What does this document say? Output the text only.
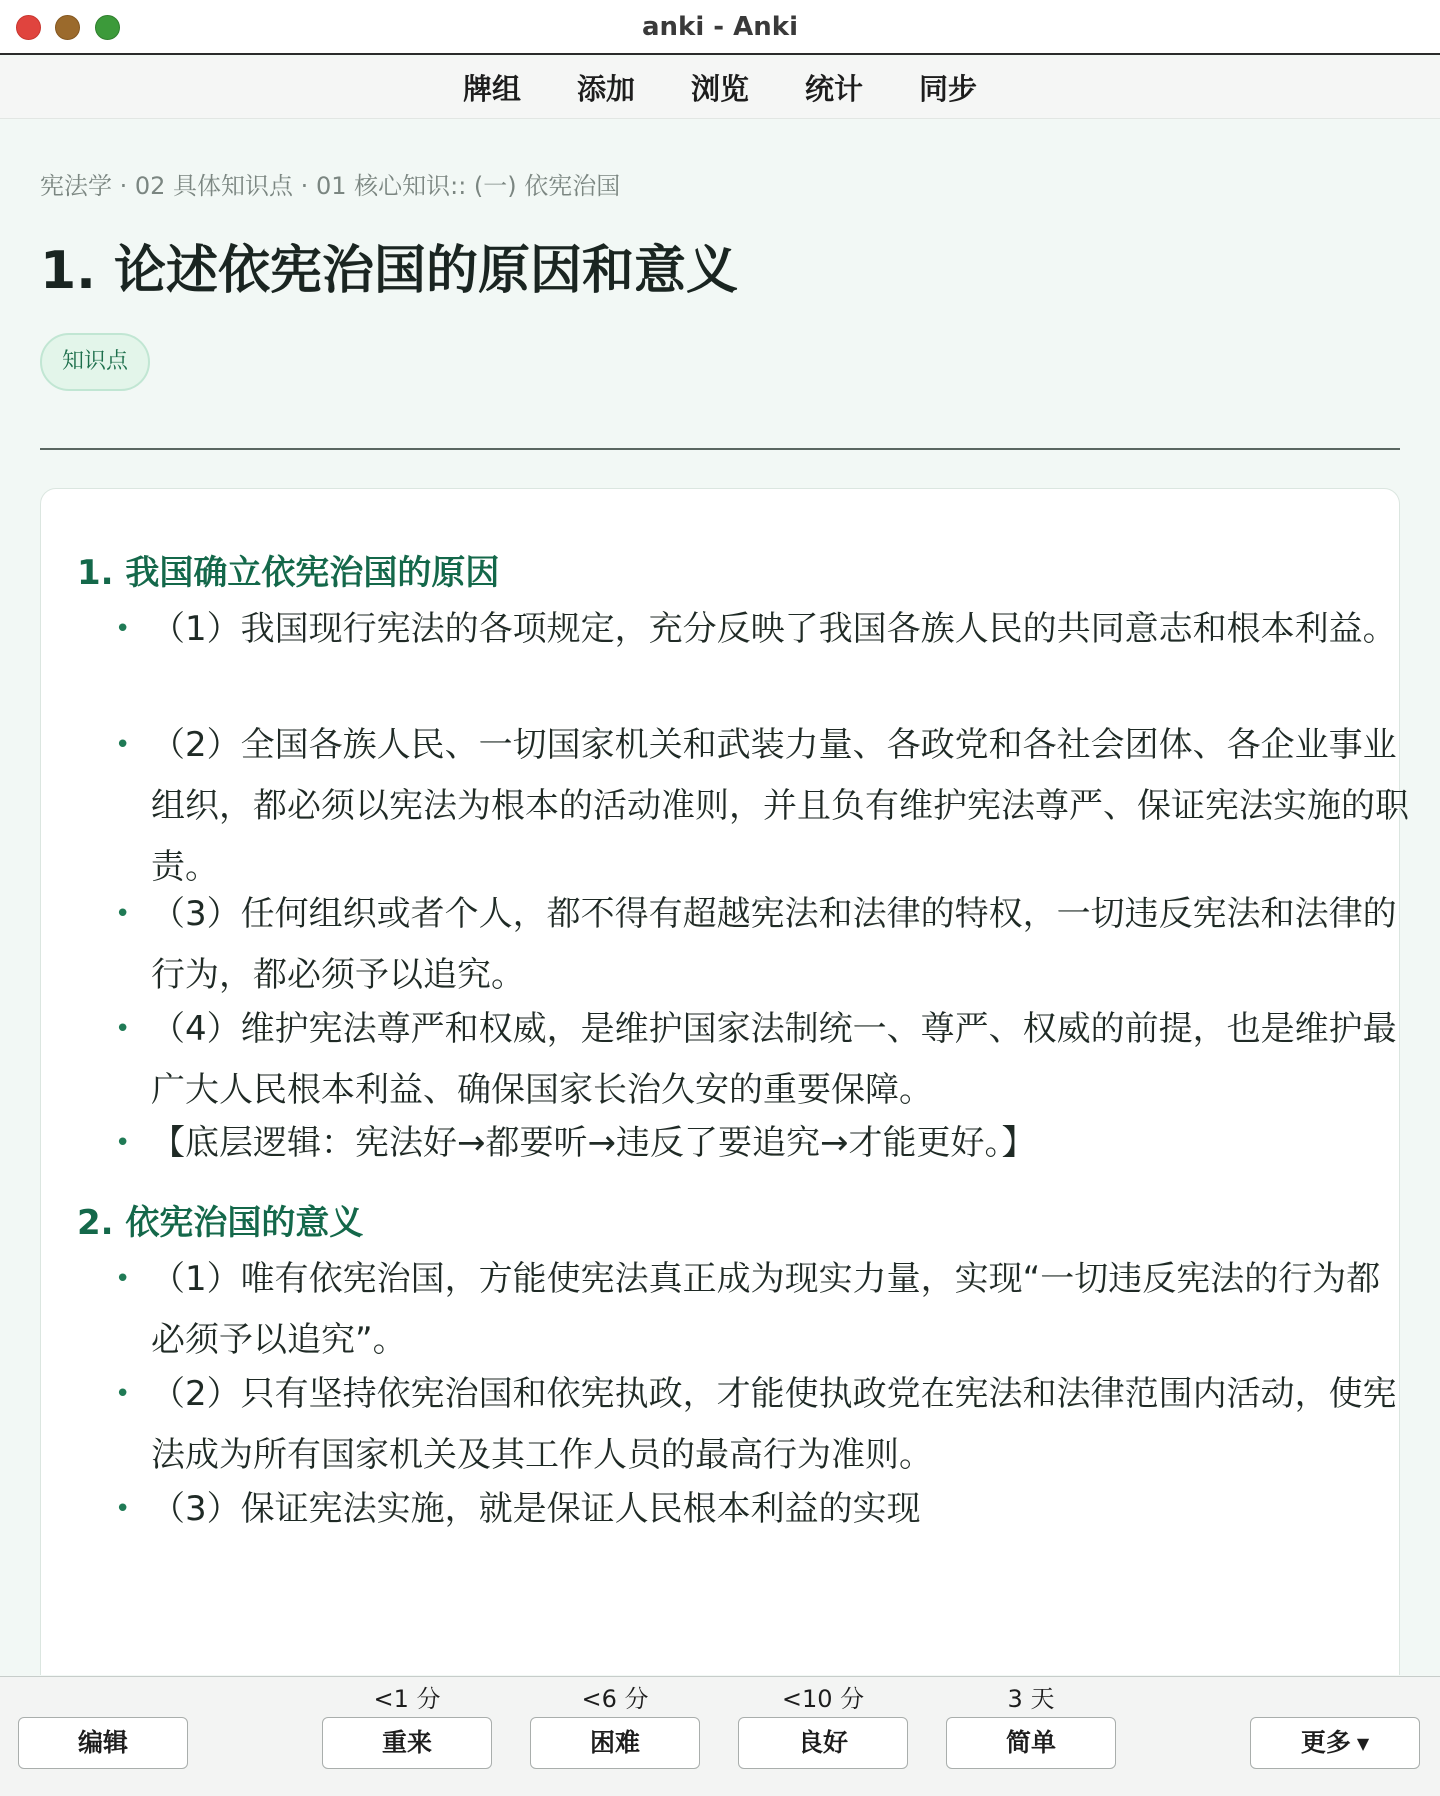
anki - Anki
牌组 添加 浏览 统计 同步
宪法学 · 02 具体知识点 · 01 核心知识:: (一) 依宪治国
1. 论述依宪治国的原因和意义
知识点
1. 我国确立依宪治国的原因
• （1）我国现行宪法的各项规定，充分反映了我国各族人民的共同意志和根本利益。
• （2）全国各族人民、一切国家机关和武装力量、各政党和各社会团体、各企业事业组织，都必须以宪法为根本的活动准则，并且负有维护宪法尊严、保证宪法实施的职责。
• （3）任何组织或者个人，都不得有超越宪法和法律的特权，一切违反宪法和法律的行为，都必须予以追究。
• （4）维护宪法尊严和权威，是维护国家法制统一、尊严、权威的前提，也是维护最广大人民根本利益、确保国家长治久安的重要保障。
• 【底层逻辑：宪法好→都要听→违反了要追究→才能更好。】
2. 依宪治国的意义
• （1）唯有依宪治国，方能使宪法真正成为现实力量，实现“一切违反宪法的行为都必须予以追究”。
• （2）只有坚持依宪治国和依宪执政，才能使执政党在宪法和法律范围内活动，使宪法成为所有国家机关及其工作人员的最高行为准则。
• （3）保证宪法实施，就是保证人民根本利益的实现
编辑
<1 分
重来
<6 分
困难
<10 分
良好
3 天
简单	更多 ▼
